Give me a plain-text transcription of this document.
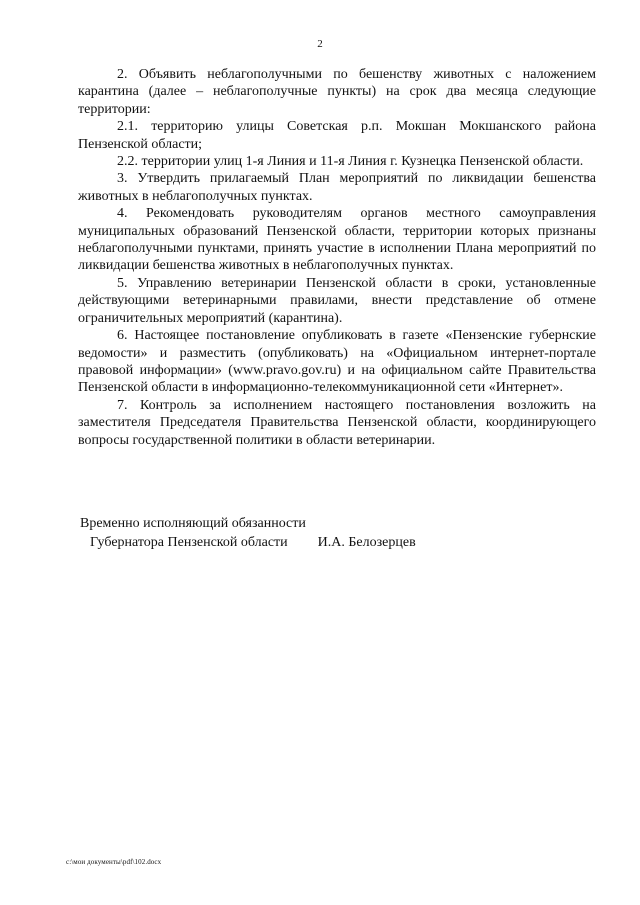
2

2. Объявить неблагополучными по бешенству животных с наложением карантина (далее – неблагополучные пункты) на срок два месяца следующие территории:

2.1. территорию улицы Советская р.п. Мокшан Мокшанского района Пензенской области;

2.2. территории улиц 1-я Линия и 11-я Линия г. Кузнецка Пензенской области.

3. Утвердить прилагаемый План мероприятий по ликвидации бешенства животных в неблагополучных пунктах.

4. Рекомендовать руководителям органов местного самоуправления муниципальных образований Пензенской области, территории которых признаны неблагополучными пунктами, принять участие в исполнении Плана мероприятий по ликвидации бешенства животных в неблагополучных пунктах.

5. Управлению ветеринарии Пензенской области в сроки, установленные действующими ветеринарными правилами, внести представление об отмене ограничительных мероприятий (карантина).

6. Настоящее постановление опубликовать в газете «Пензенские губернские ведомости» и разместить (опубликовать) на «Официальном интернет-портале правовой информации» (www.pravo.gov.ru) и на официальном сайте Правительства Пензенской области в информационно-телекоммуникационной сети «Интернет».

7. Контроль за исполнением настоящего постановления возложить на заместителя Председателя Правительства Пензенской области, координирующего вопросы государственной политики в области ветеринарии.

Временно исполняющий обязанности
Губернатора Пензенской области И.А. Белозерцев
c:\мои документы\pdf\102.docx
